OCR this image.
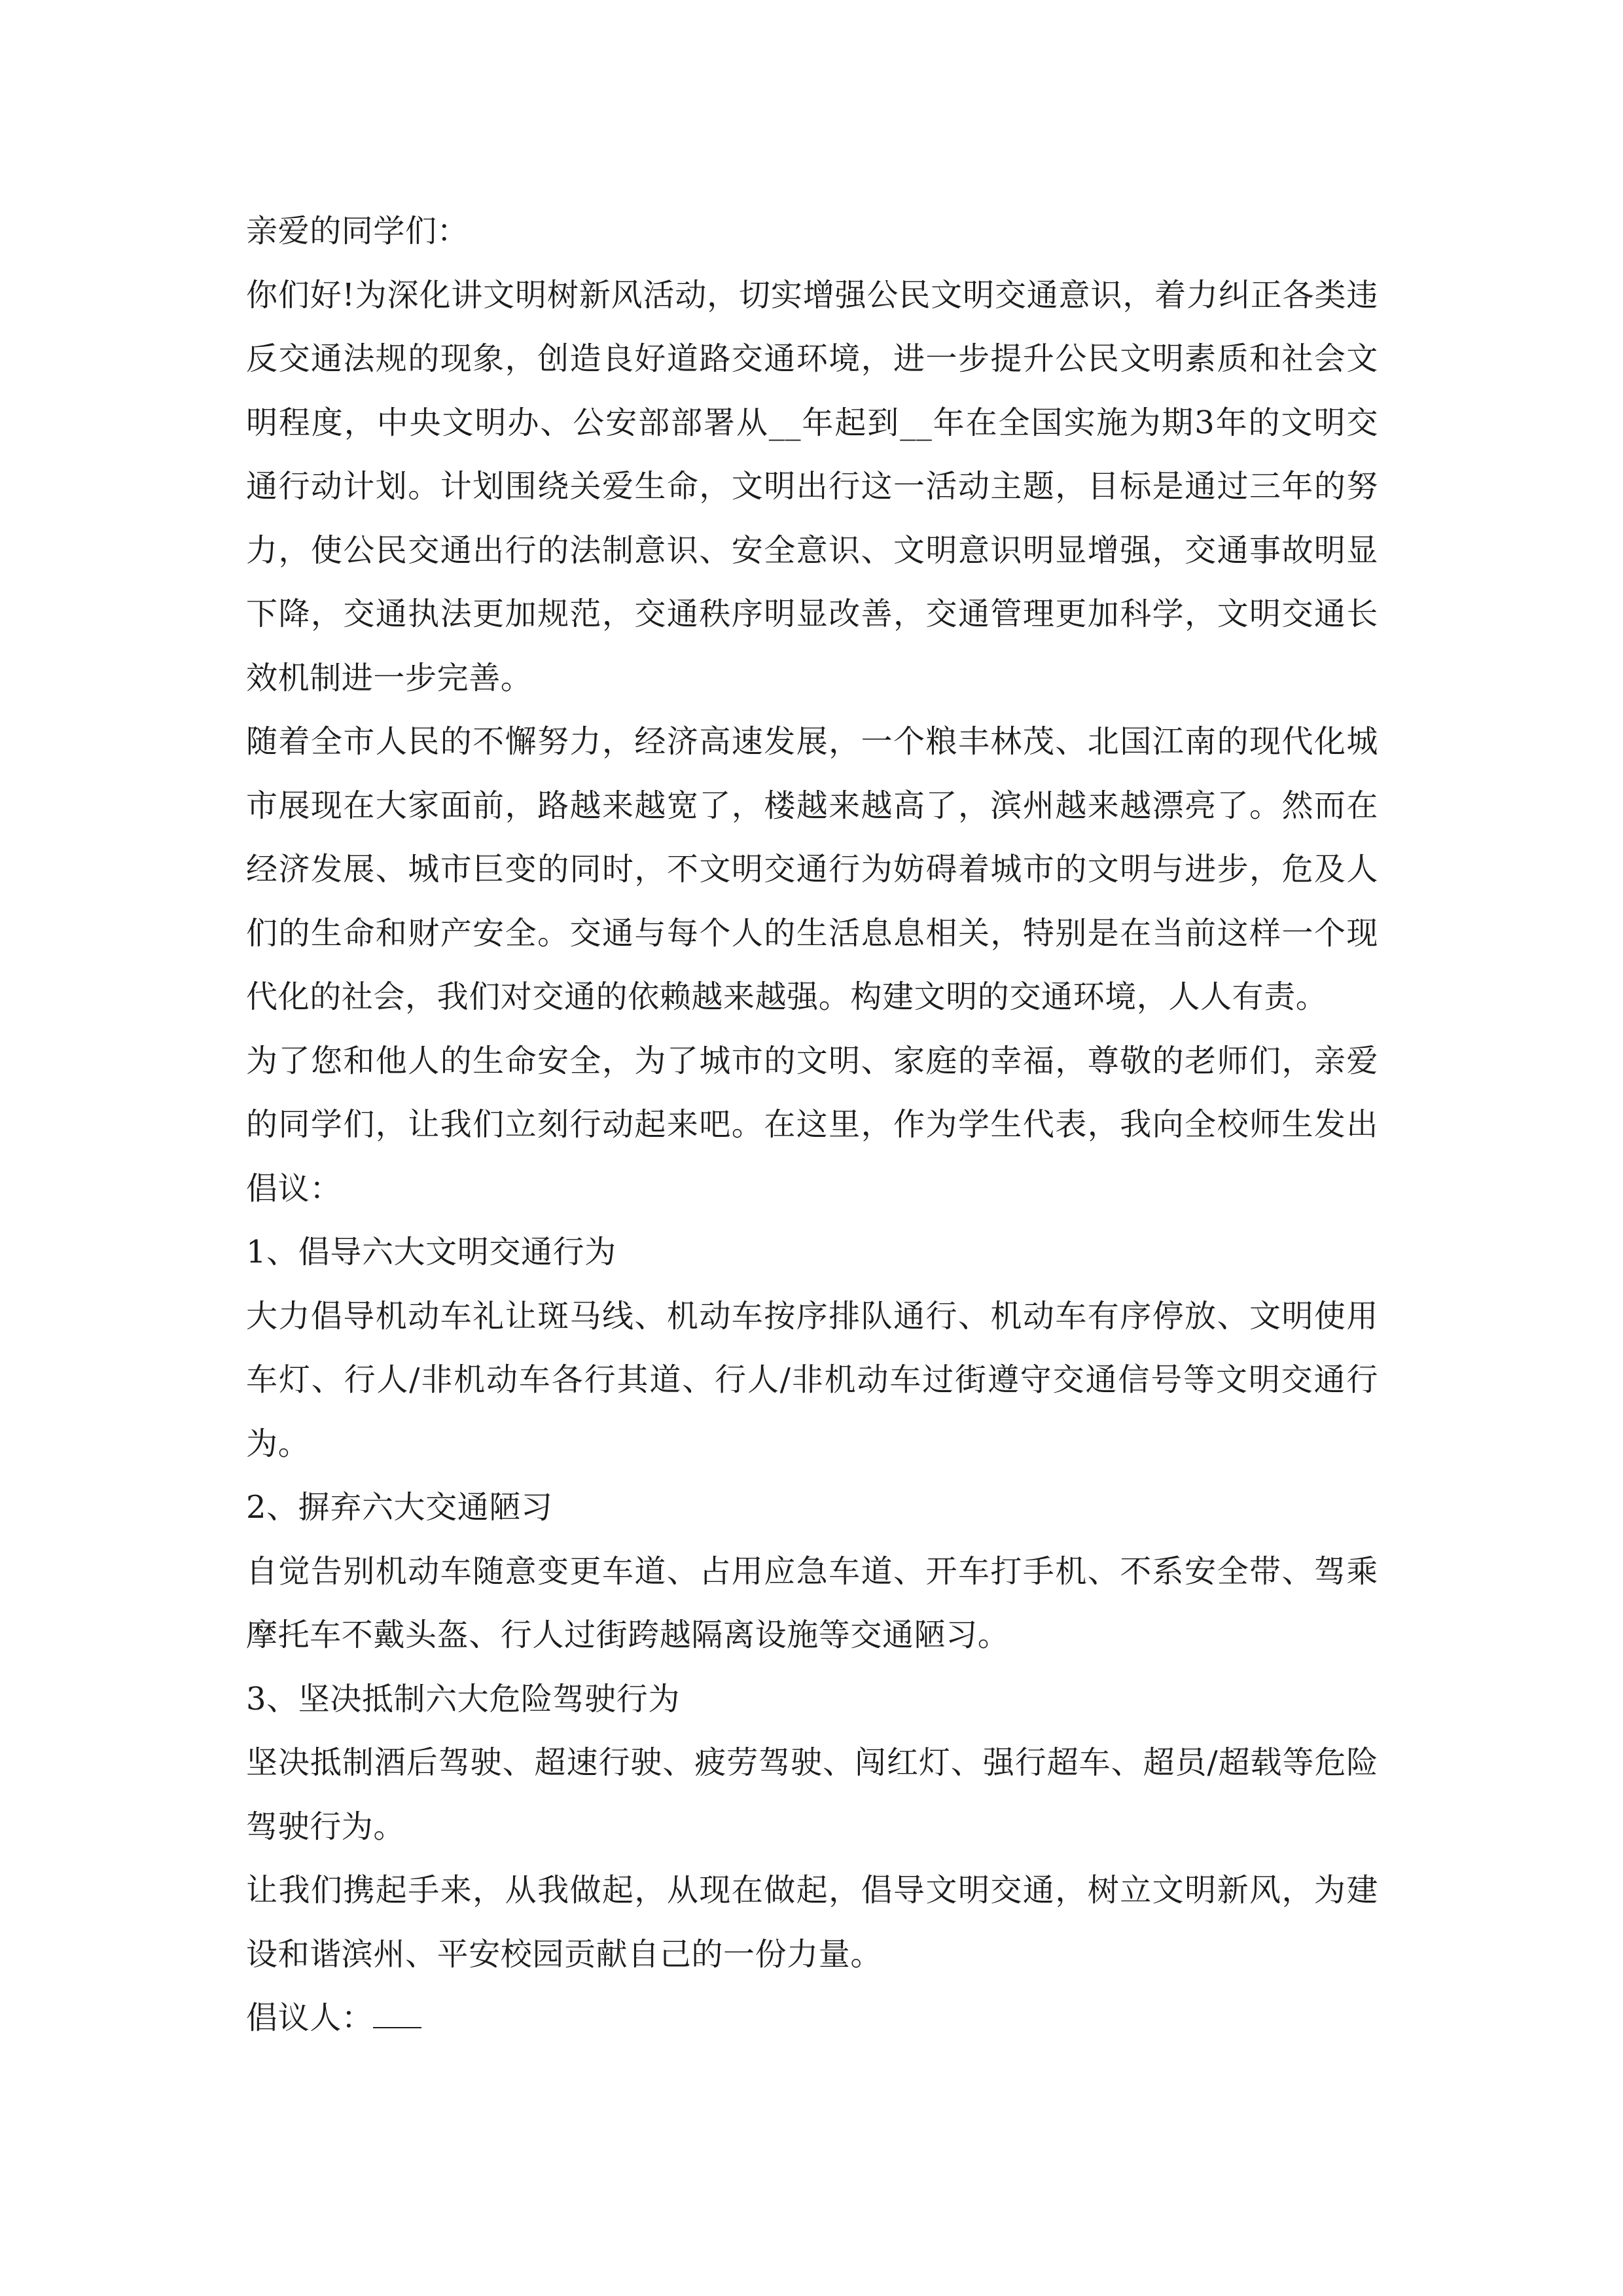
亲爱的同学们：

你们好!为深化讲文明树新风活动，切实增强公民文明交通意识，着力纠正各类违反交通法规的现象，创造良好道路交通环境，进一步提升公民文明素质和社会文明程度，中央文明办、公安部部署从__年起到__年在全国实施为期3年的文明交通行动计划。计划围绕关爱生命，文明出行这一活动主题，目标是通过三年的努力，使公民交通出行的法制意识、安全意识、文明意识明显增强，交通事故明显下降，交通执法更加规范，交通秩序明显改善，交通管理更加科学，文明交通长效机制进一步完善。

随着全市人民的不懈努力，经济高速发展，一个粮丰林茂、北国江南的现代化城市展现在大家面前，路越来越宽了，楼越来越高了，滨州越来越漂亮了。然而在经济发展、城市巨变的同时，不文明交通行为妨碍着城市的文明与进步，危及人们的生命和财产安全。交通与每个人的生活息息相关，特别是在当前这样一个现代化的社会，我们对交通的依赖越来越强。构建文明的交通环境，人人有责。

为了您和他人的生命安全，为了城市的文明、家庭的幸福，尊敬的老师们，亲爱的同学们，让我们立刻行动起来吧。在这里，作为学生代表，我向全校师生发出倡议：

1、倡导六大文明交通行为

大力倡导机动车礼让斑马线、机动车按序排队通行、机动车有序停放、文明使用车灯、行人/非机动车各行其道、行人/非机动车过街遵守交通信号等文明交通行为。

2、摒弃六大交通陋习

自觉告别机动车随意变更车道、占用应急车道、开车打手机、不系安全带、驾乘摩托车不戴头盔、行人过街跨越隔离设施等交通陋习。

3、坚决抵制六大危险驾驶行为

坚决抵制酒后驾驶、超速行驶、疲劳驾驶、闯红灯、强行超车、超员/超载等危险驾驶行为。

让我们携起手来，从我做起，从现在做起，倡导文明交通，树立文明新风，为建设和谐滨州、平安校园贡献自己的一份力量。

倡议人：
